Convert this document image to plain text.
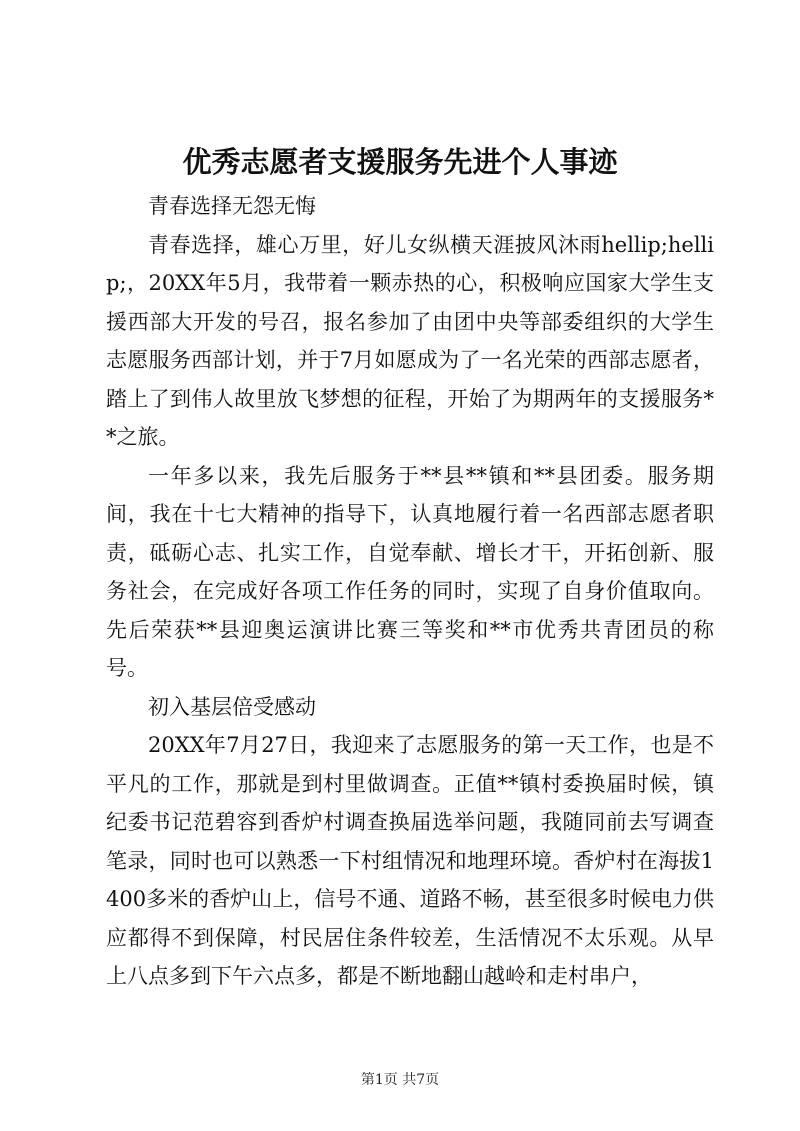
优秀志愿者支援服务先进个人事迹

青春选择无怨无悔

青春选择，雄心万里，好儿女纵横天涯披风沐雨hellip;hellip;，20XX年5月，我带着一颗赤热的心，积极响应国家大学生支援西部大开发的号召，报名参加了由团中央等部委组织的大学生志愿服务西部计划，并于7月如愿成为了一名光荣的西部志愿者，踏上了到伟人故里放飞梦想的征程，开始了为期两年的支援服务**之旅。

一年多以来，我先后服务于**县**镇和**县团委。服务期间，我在十七大精神的指导下，认真地履行着一名西部志愿者职责，砥砺心志、扎实工作，自觉奉献、增长才干，开拓创新、服务社会，在完成好各项工作任务的同时，实现了自身价值取向。先后荣获**县迎奥运演讲比赛三等奖和**市优秀共青团员的称号。

初入基层倍受感动

20XX年7月27日，我迎来了志愿服务的第一天工作，也是不平凡的工作，那就是到村里做调查。正值**镇村委换届时候，镇纪委书记范碧容到香炉村调查换届选举问题，我随同前去写调查笔录，同时也可以熟悉一下村组情况和地理环境。香炉村在海拔1400多米的香炉山上，信号不通、道路不畅，甚至很多时候电力供应都得不到保障，村民居住条件较差，生活情况不太乐观。从早上八点多到下午六点多，都是不断地翻山越岭和走村串户，

第1页 共7页
